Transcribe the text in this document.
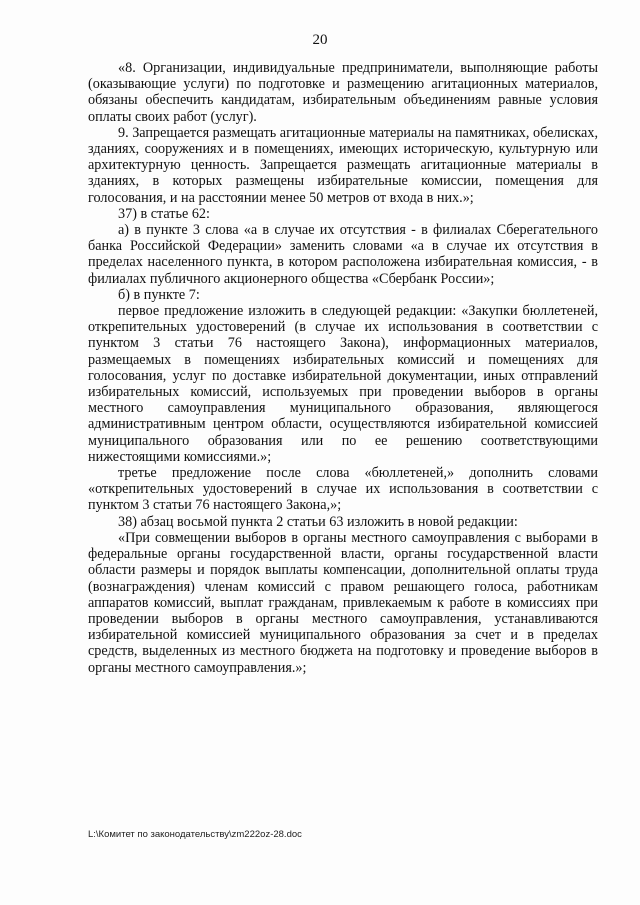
20

«8. Организации, индивидуальные предприниматели, выполняющие работы (оказывающие услуги) по подготовке и размещению агитационных материалов, обязаны обеспечить кандидатам, избирательным объединениям равные условия оплаты своих работ (услуг).

9. Запрещается размещать агитационные материалы на памятниках, обелисках, зданиях, сооружениях и в помещениях, имеющих историческую, культурную или архитектурную ценность. Запрещается размещать агитационные материалы в зданиях, в которых размещены избирательные комиссии, помещения для голосования, и на расстоянии менее 50 метров от входа в них.»;

37) в статье 62:

а) в пункте 3 слова «а в случае их отсутствия - в филиалах Сберегательного банка Российской Федерации» заменить словами «а в случае их отсутствия в пределах населенного пункта, в котором расположена избирательная комиссия, - в филиалах публичного акционерного общества «Сбербанк России»;

б) в пункте 7:

первое предложение изложить в следующей редакции: «Закупки бюллетеней, открепительных удостоверений (в случае их использования в соответствии с пунктом 3 статьи 76 настоящего Закона), информационных материалов, размещаемых в помещениях избирательных комиссий и помещениях для голосования, услуг по доставке избирательной документации, иных отправлений избирательных комиссий, используемых при проведении выборов в органы местного самоуправления муниципального образования, являющегося административным центром области, осуществляются избирательной комиссией муниципального образования или по ее решению соответствующими нижестоящими комиссиями.»;

третье предложение после слова «бюллетеней,» дополнить словами «открепительных удостоверений в случае их использования в соответствии с пунктом 3 статьи 76 настоящего Закона,»;

38) абзац восьмой пункта 2 статьи 63 изложить в новой редакции:

«При совмещении выборов в органы местного самоуправления с выборами в федеральные органы государственной власти, органы государственной власти области размеры и порядок выплаты компенсации, дополнительной оплаты труда (вознаграждения) членам комиссий с правом решающего голоса, работникам аппаратов комиссий, выплат гражданам, привлекаемым к работе в комиссиях при проведении выборов в органы местного самоуправления, устанавливаются избирательной комиссией муниципального образования за счет и в пределах средств, выделенных из местного бюджета на подготовку и проведение выборов в органы местного самоуправления.»;

L:\Комитет по законодательству\zm222oz-28.doc
